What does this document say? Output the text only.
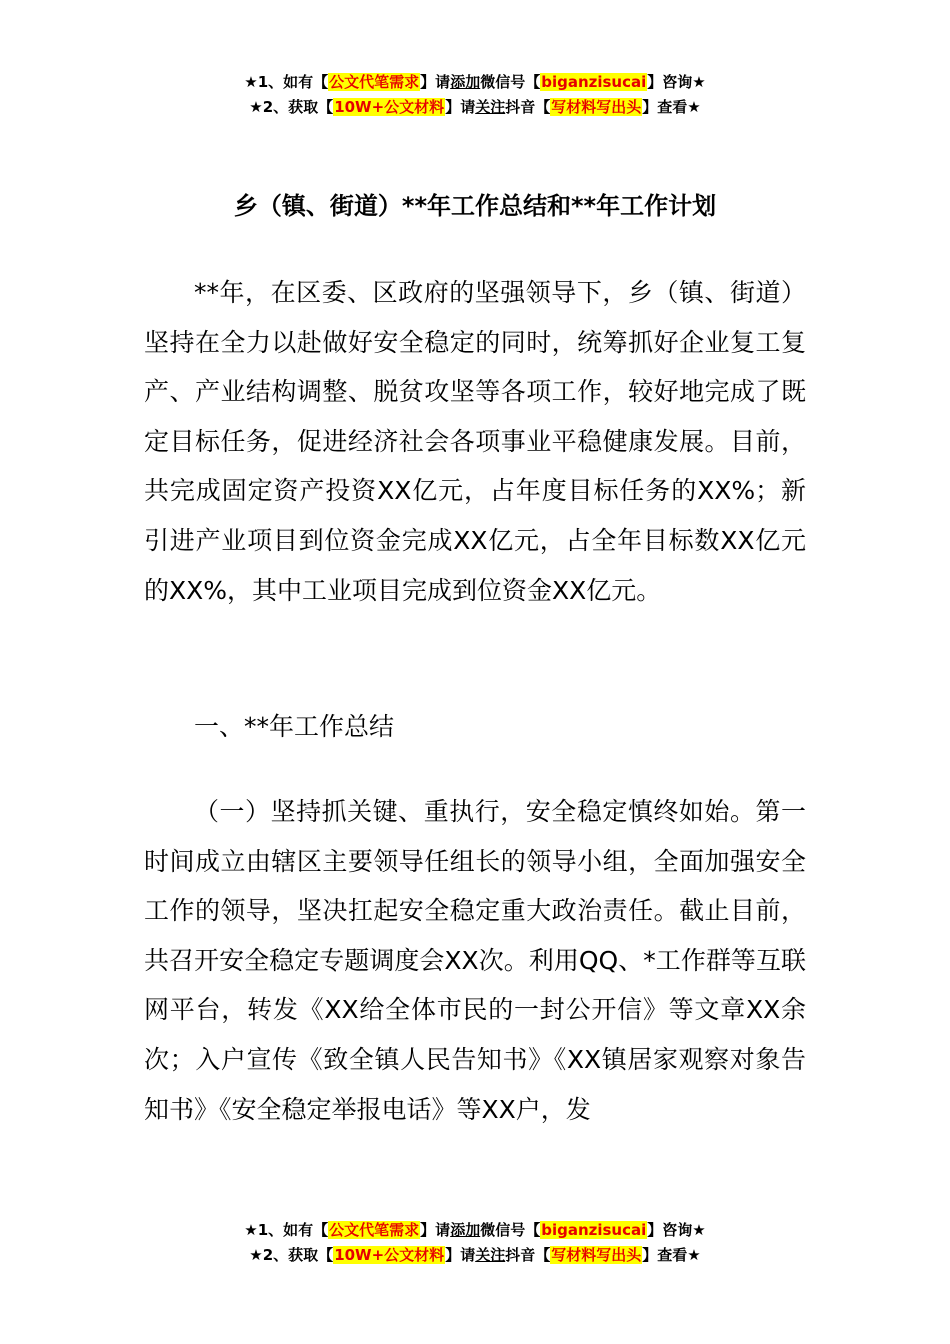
★1、如有【公文代笔需求】请添加微信号【biganzisucai】咨询★
★2、获取【10W+公文材料】请关注抖音【写材料写出头】查看★
乡（镇、街道）**年工作总结和**年工作计划

**年，在区委、区政府的坚强领导下，乡（镇、街道）坚持在全力以赴做好安全稳定的同时，统筹抓好企业复工复产、产业结构调整、脱贫攻坚等各项工作，较好地完成了既定目标任务，促进经济社会各项事业平稳健康发展。目前，共完成固定资产投资XX亿元，占年度目标任务的XX%；新引进产业项目到位资金完成XX亿元，占全年目标数XX亿元的XX%，其中工业项目完成到位资金XX亿元。

一、**年工作总结

（一）坚持抓关键、重执行，安全稳定慎终如始。第一时间成立由辖区主要领导任组长的领导小组，全面加强安全工作的领导，坚决扛起安全稳定重大政治责任。截止目前，共召开安全稳定专题调度会XX次。利用QQ、*工作群等互联网平台，转发《XX给全体市民的一封公开信》等文章XX余次；入户宣传《致全镇人民告知书》《XX镇居家观察对象告知书》《安全稳定举报电话》等XX户，发

★1、如有【公文代笔需求】请添加微信号【biganzisucai】咨询★
★2、获取【10W+公文材料】请关注抖音【写材料写出头】查看★
